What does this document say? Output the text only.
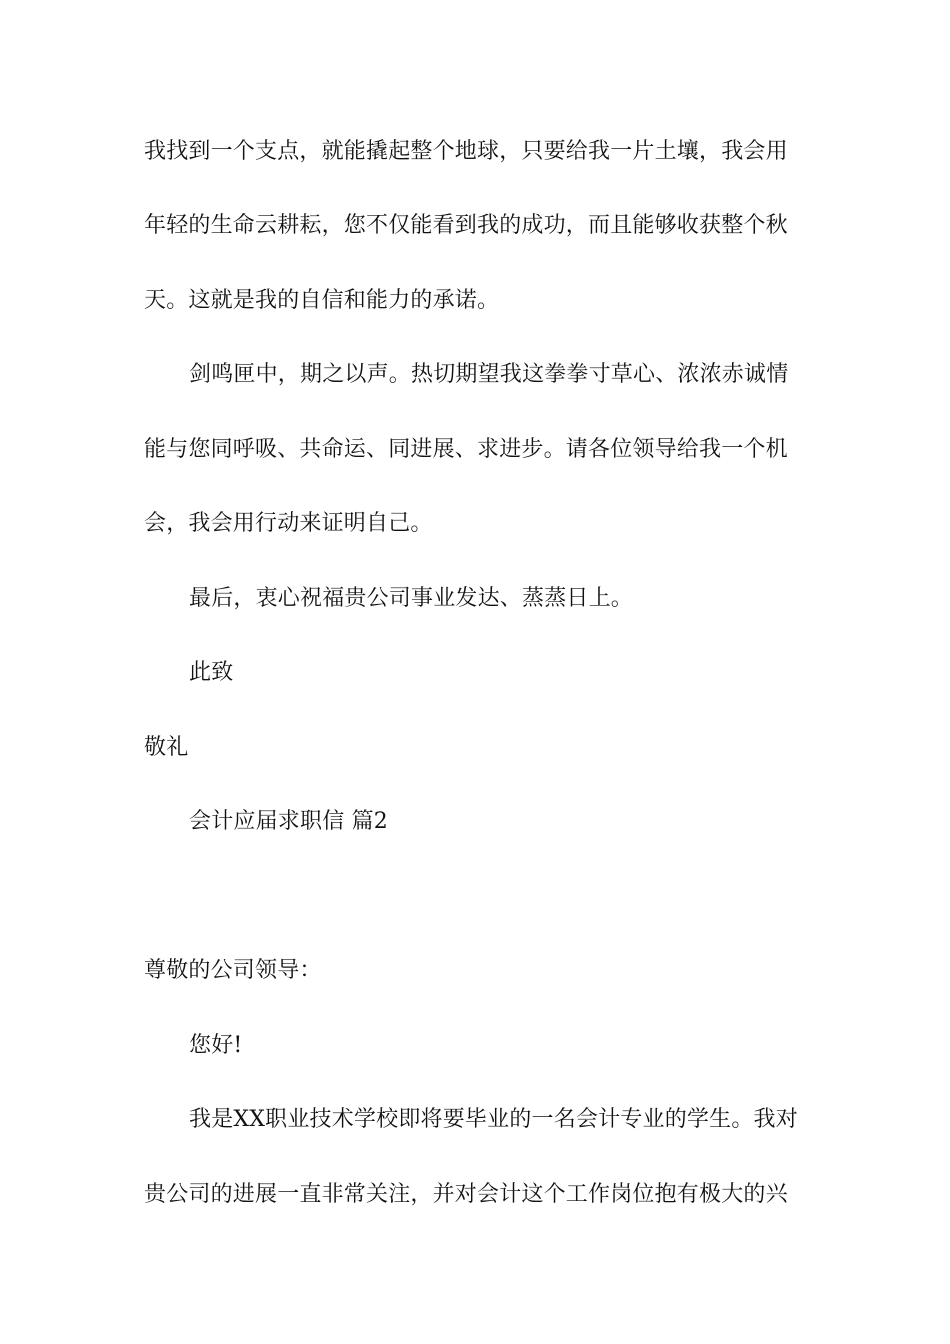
我找到一个支点，就能撬起整个地球，只要给我一片土壤，我会用
年轻的生命云耕耘，您不仅能看到我的成功，而且能够收获整个秋
天。这就是我的自信和能力的承诺。
剑鸣匣中，期之以声。热切期望我这拳拳寸草心、浓浓赤诚情
能与您同呼吸、共命运、同进展、求进步。请各位领导给我一个机
会，我会用行动来证明自己。
最后，衷心祝福贵公司事业发达、蒸蒸日上。
此致
敬礼
会计应届求职信 篇2
尊敬的公司领导：
您好!
我是XX职业技术学校即将要毕业的一名会计专业的学生。我对
贵公司的进展一直非常关注，并对会计这个工作岗位抱有极大的兴
